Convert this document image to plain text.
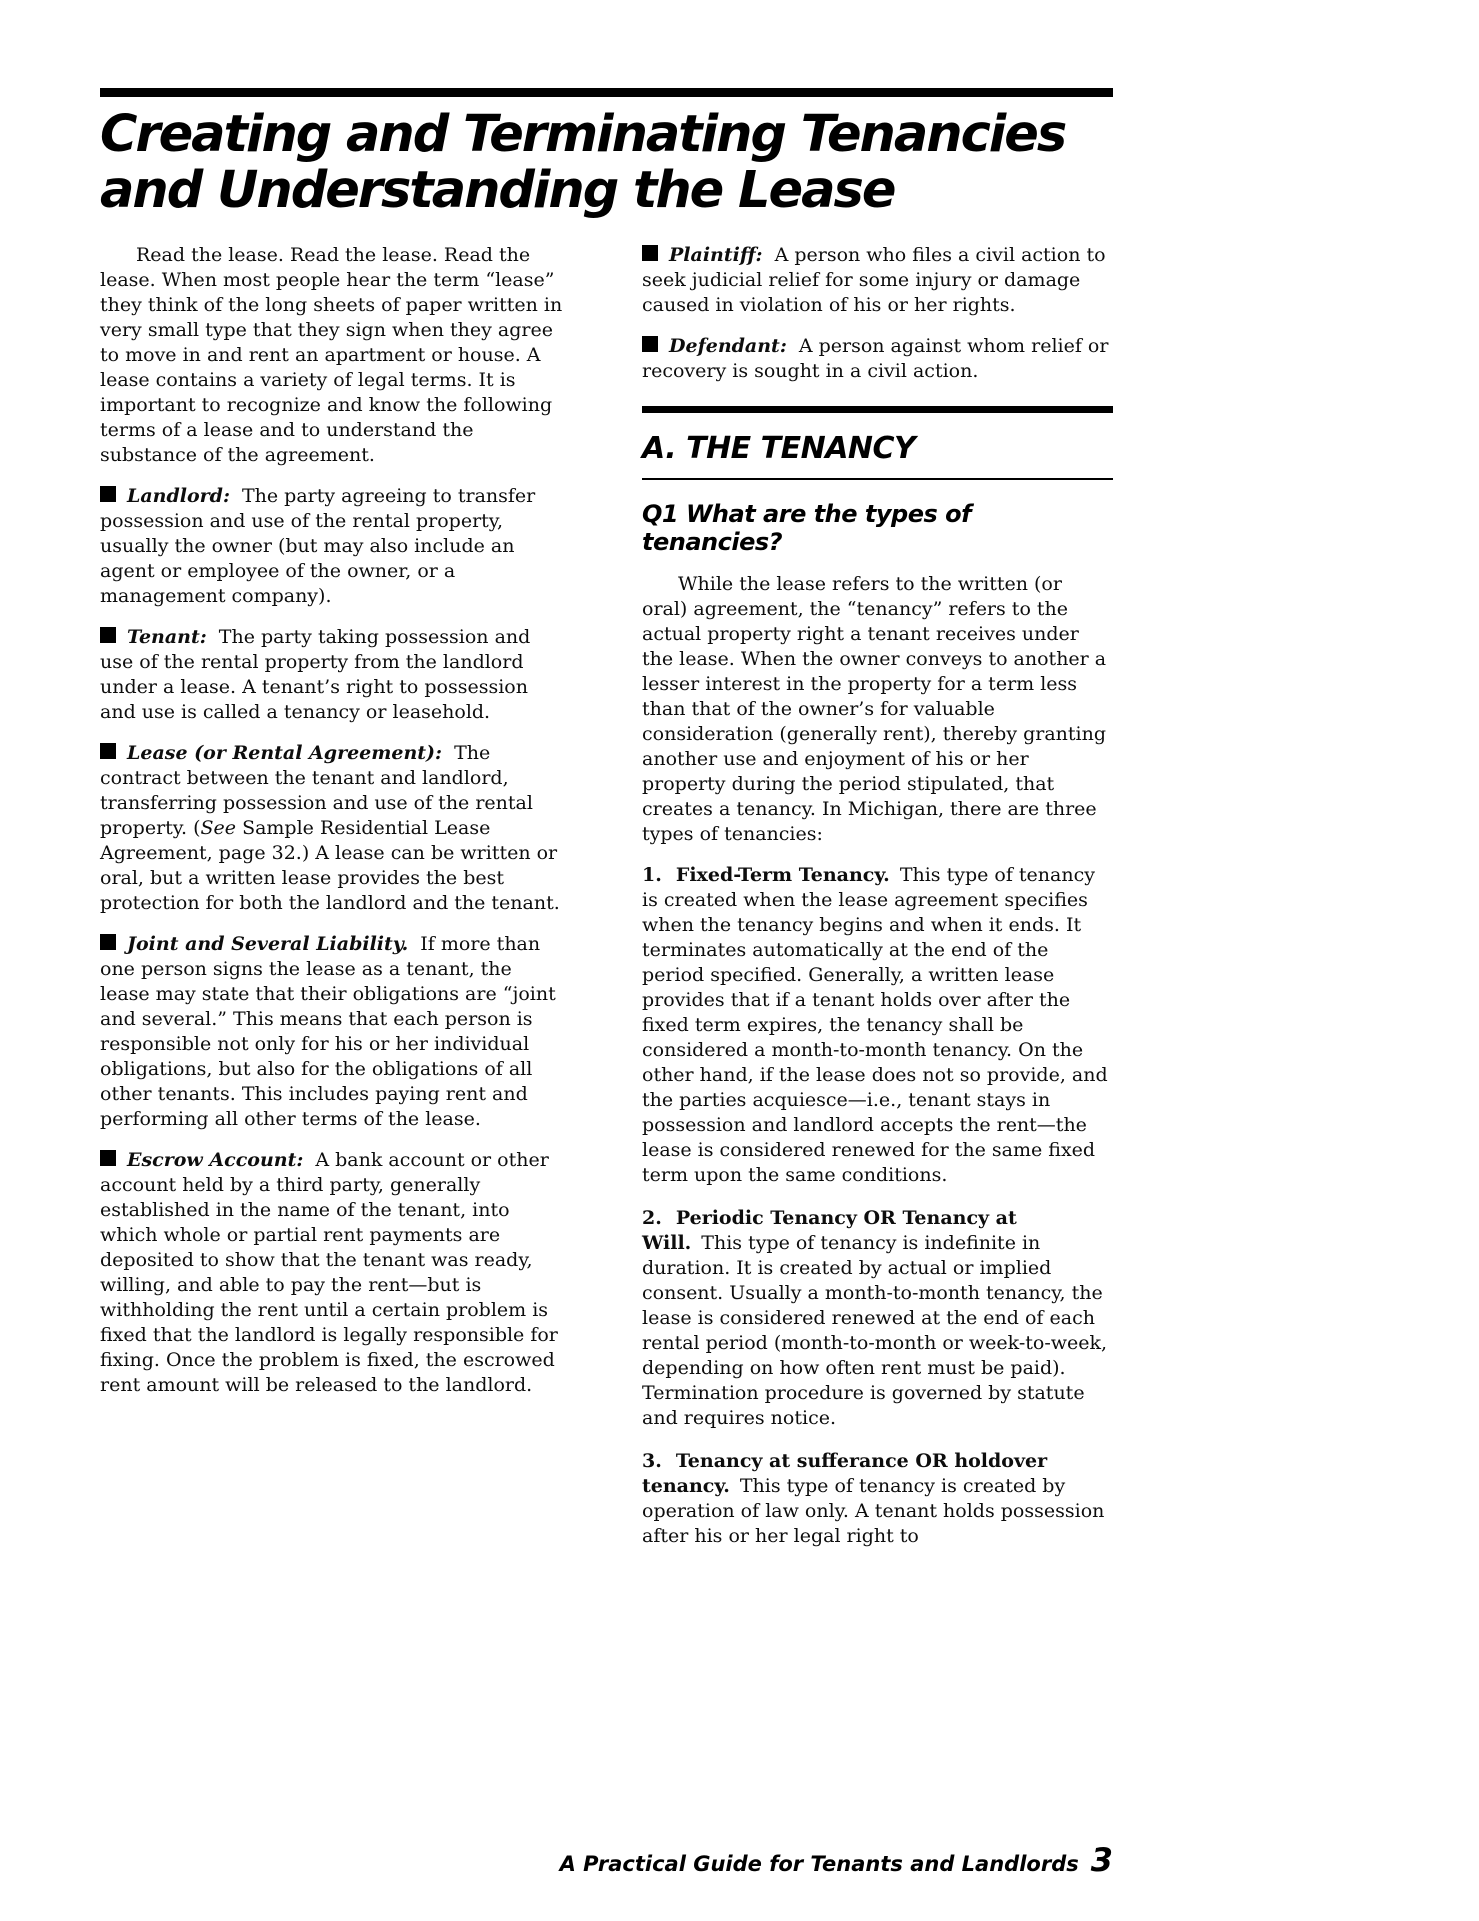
Creating and Terminating Tenancies
and Understanding the Lease

Read the lease. Read the lease. Read the lease. When most people hear the term “lease” they think of the long sheets of paper written in very small type that they sign when they agree to move in and rent an apartment or house. A lease contains a variety of legal terms. It is important to recognize and know the following terms of a lease and to understand the substance of the agreement.

Landlord: The party agreeing to transfer possession and use of the rental property, usually the owner (but may also include an agent or employee of the owner, or a management company).

Tenant: The party taking possession and use of the rental property from the landlord under a lease. A tenant’s right to possession and use is called a tenancy or leasehold.

Lease (or Rental Agreement): The contract between the tenant and landlord, transferring possession and use of the rental property. (See Sample Residential Lease Agreement, page 32.) A lease can be written or oral, but a written lease provides the best protection for both the landlord and the tenant.

Joint and Several Liability. If more than one person signs the lease as a tenant, the lease may state that their obligations are “joint and several.” This means that each person is responsible not only for his or her individual obligations, but also for the obligations of all other tenants. This includes paying rent and performing all other terms of the lease.

Escrow Account: A bank account or other account held by a third party, generally established in the name of the tenant, into which whole or partial rent payments are deposited to show that the tenant was ready, willing, and able to pay the rent—but is withholding the rent until a certain problem is fixed that the landlord is legally responsible for fixing. Once the problem is fixed, the escrowed rent amount will be released to the landlord.

Plaintiff: A person who files a civil action to seek judicial relief for some injury or damage caused in violation of his or her rights.

Defendant: A person against whom relief or recovery is sought in a civil action.

A. THE TENANCY
Q1 What are the types of tenancies?

While the lease refers to the written (or oral) agreement, the “tenancy” refers to the actual property right a tenant receives under the lease. When the owner conveys to another a lesser interest in the property for a term less than that of the owner’s for valuable consideration (generally rent), thereby granting another use and enjoyment of his or her property during the period stipulated, that creates a tenancy. In Michigan, there are three types of tenancies:

1. Fixed-Term Tenancy. This type of tenancy is created when the lease agreement specifies when the tenancy begins and when it ends. It terminates automatically at the end of the period specified. Generally, a written lease provides that if a tenant holds over after the fixed term expires, the tenancy shall be considered a month-to-month tenancy. On the other hand, if the lease does not so provide, and the parties acquiesce—i.e., tenant stays in possession and landlord accepts the rent—the lease is considered renewed for the same fixed term upon the same conditions.

2. Periodic Tenancy OR Tenancy at Will. This type of tenancy is indefinite in duration. It is created by actual or implied consent. Usually a month-to-month tenancy, the lease is considered renewed at the end of each rental period (month-to-month or week-to-week, depending on how often rent must be paid). Termination procedure is governed by statute and requires notice.

3. Tenancy at sufferance OR holdover tenancy. This type of tenancy is created by operation of law only. A tenant holds possession after his or her legal right to

A Practical Guide for Tenants and Landlords 3
